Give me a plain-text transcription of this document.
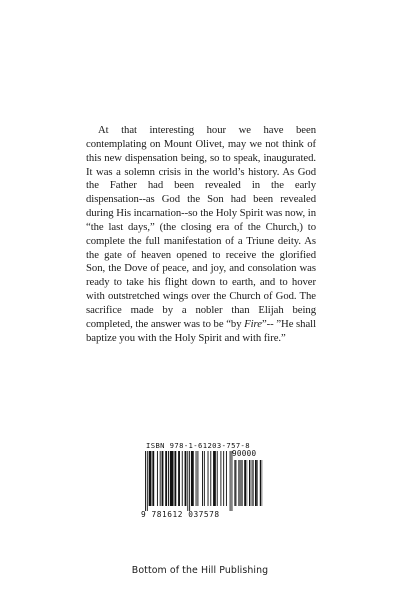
At that interesting hour we have been contemplating on Mount Olivet, may we not think of this new dispensation being, so to speak, inaugurated. It was a solemn crisis in the world’s history. As God the Father had been revealed in the early dispensation--as God the Son had been revealed during His incarnation--so the Holy Spirit was now, in “the last days,” (the closing era of the Church,) to complete the full manifestation of a Triune deity. As the gate of heaven opened to receive the glorified Son, the Dove of peace, and joy, and consolation was ready to take his flight down to earth, and to hover with outstretched wings over the Church of God. The sacrifice made by a nobler than Elijah being completed, the answer was to be “by Fire”-- ”He shall baptize you with the Holy Spirit and with fire.”

ISBN 978-1-61203-757-8
90000
9 781612 037578
Bottom of the Hill Publishing
